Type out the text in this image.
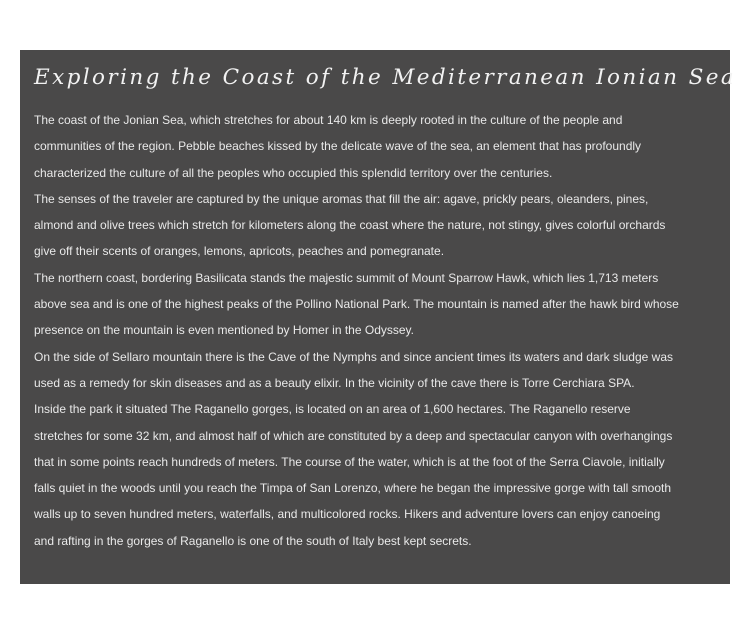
Exploring the Coast of the Mediterranean Ionian Sea
The coast of the Jonian Sea, which stretches for about 140 km is deeply rooted in the culture of the people and
communities of the region. Pebble beaches kissed by the delicate wave of the sea, an element that has profoundly
characterized the culture of all the peoples who occupied this splendid territory over the centuries.
The senses of the traveler are captured by the unique aromas that fill the air: agave, prickly pears, oleanders, pines,
almond and olive trees which stretch for kilometers along the coast where the nature, not stingy, gives colorful orchards
give off their scents of oranges, lemons, apricots, peaches and pomegranate.
The northern coast, bordering Basilicata stands the majestic summit of Mount Sparrow Hawk, which lies 1,713 meters
above sea and is one of the highest peaks of the Pollino National Park. The mountain is named after the hawk bird whose
presence on the mountain is even mentioned by Homer in the Odyssey.
On the side of Sellaro mountain there is the Cave of the Nymphs and since ancient times its waters and dark sludge was
used as a remedy for skin diseases and as a beauty elixir. In the vicinity of the cave there is Torre Cerchiara SPA.
Inside the park it situated The Raganello gorges, is located on an area of 1,600 hectares. The Raganello reserve
stretches for some 32 km, and almost half of which are constituted by a deep and spectacular canyon with overhangings
that in some points reach hundreds of meters. The course of the water, which is at the foot of the Serra Ciavole, initially
falls quiet in the woods until you reach the Timpa of San Lorenzo, where he began the impressive gorge with tall smooth
walls up to seven hundred meters, waterfalls, and multicolored rocks. Hikers and adventure lovers can enjoy canoeing
and rafting in the gorges of Raganello is one of the south of Italy best kept secrets.
